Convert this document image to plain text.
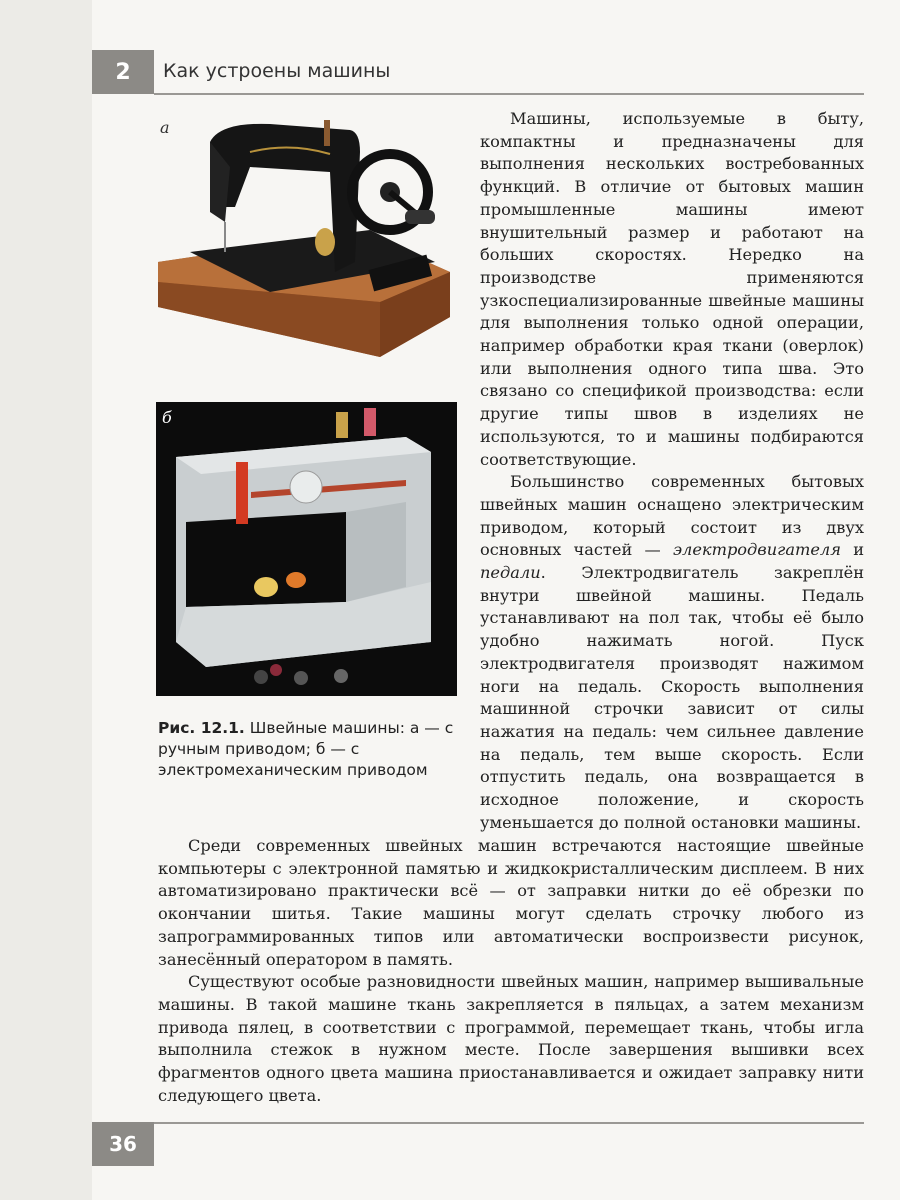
2	Как устроены машины
а
б
Рис. 12.1. Швейные машины: а — с ручным приводом; б — с электромеханическим приводом

Машины, используемые в быту, компактны и предназначены для выполнения нескольких востребованных функций. В отличие от бытовых машин промышленные машины имеют внушительный размер и работают на больших скоростях. Нередко на производстве применяются узкоспециализированные швейные машины для выполнения только одной операции, например обработки края ткани (оверлок) или выполнения одного типа шва. Это связано со спецификой производства: если другие типы швов в изделиях не используются, то и машины подбираются соответствующие.

Большинство современных бытовых швейных машин оснащено электрическим приводом, который состоит из двух основных частей — электродвигателя и педали. Электродвигатель закреплён внутри швейной машины. Педаль устанавливают на пол так, чтобы её было удобно нажимать ногой. Пуск электродвигателя производят нажимом ноги на педаль. Скорость выполнения машинной строчки зависит от силы нажатия на педаль: чем сильнее давление на педаль, тем выше скорость. Если отпустить педаль, она возвращается в исходное положение, и скорость уменьшается до полной остановки машины.

Среди современных швейных машин встречаются настоящие швейные компьютеры с электронной памятью и жидкокристаллическим дисплеем. В них автоматизировано практически всё — от заправки нитки до её обрезки по окончании шитья. Такие машины могут сделать строчку любого из запрограммированных типов или автоматически воспроизвести рисунок, занесённый оператором в память.

Существуют особые разновидности швейных машин, например вышивальные машины. В такой машине ткань закрепляется в пяльцах, а затем механизм привода пялец, в соответствии с программой, перемещает ткань, чтобы игла выполнила стежок в нужном месте. После завершения вышивки всех фрагментов одного цвета машина приостанавливается и ожидает заправку нити следующего цвета.

36
